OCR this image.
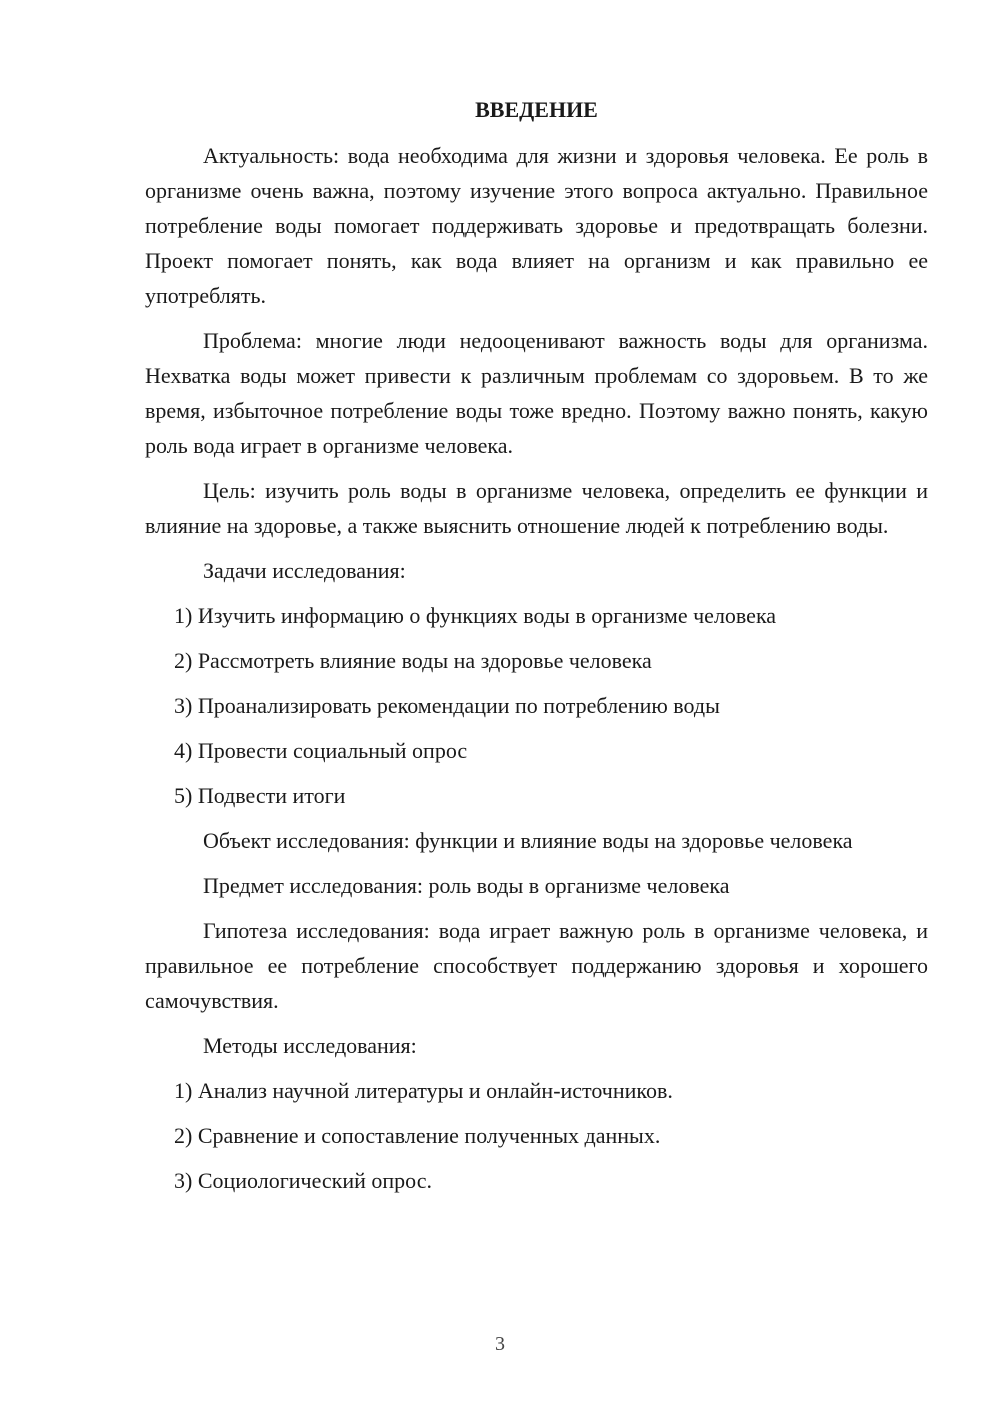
ВВЕДЕНИЕ

Актуальность: вода необходима для жизни и здоровья человека. Ее роль в организме очень важна, поэтому изучение этого вопроса актуально. Правильное потребление воды помогает поддерживать здоровье и предотвращать болезни. Проект помогает понять, как вода влияет на организм и как правильно ее употреблять.

Проблема: многие люди недооценивают важность воды для организма. Нехватка воды может привести к различным проблемам со здоровьем. В то же время, избыточное потребление воды тоже вредно. Поэтому важно понять, какую роль вода играет в организме человека.

Цель: изучить роль воды в организме человека, определить ее функции и влияние на здоровье, а также выяснить отношение людей к потреблению воды.

Задачи исследования:

1) Изучить информацию о функциях воды в организме человека

2) Рассмотреть влияние воды на здоровье человека

3) Проанализировать рекомендации по потреблению воды

4) Провести социальный опрос

5) Подвести итоги

Объект исследования: функции и влияние воды на здоровье человека

Предмет исследования: роль воды в организме человека

Гипотеза исследования: вода играет важную роль в организме человека, и правильное ее потребление способствует поддержанию здоровья и хорошего самочувствия.

Методы исследования:

1) Анализ научной литературы и онлайн-источников.

2) Сравнение и сопоставление полученных данных.

3) Социологический опрос.

3
